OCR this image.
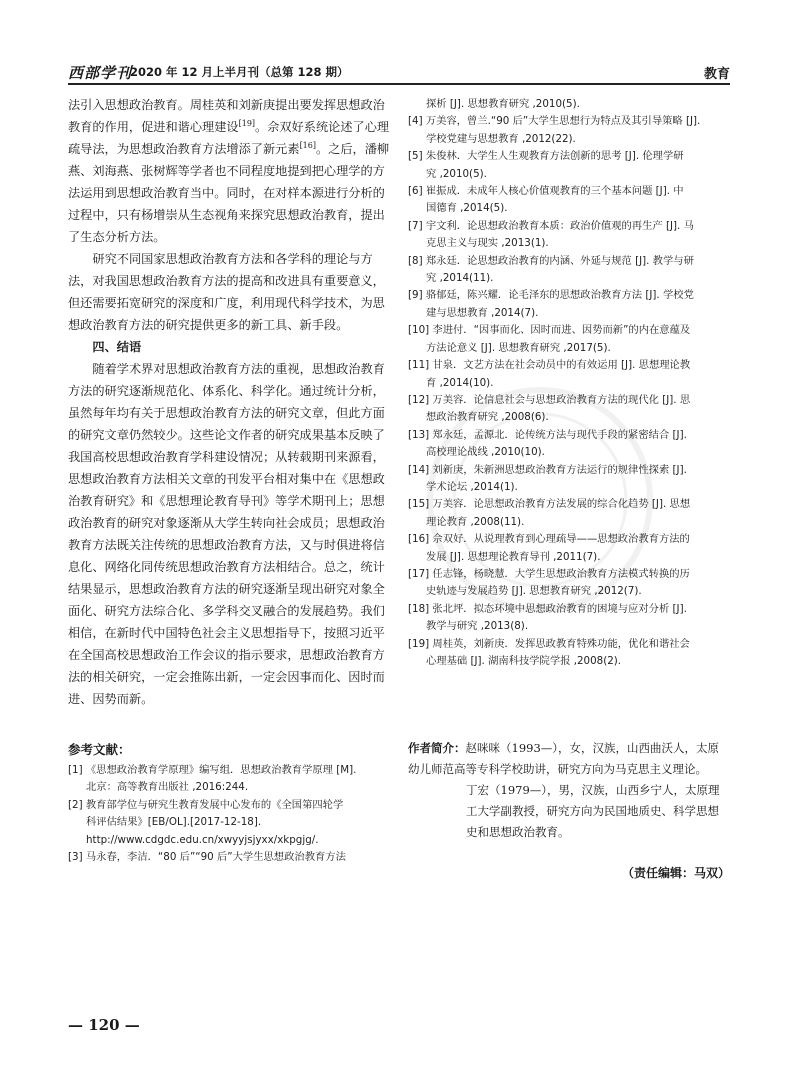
西部学刊
2020 年 12 月上半月刊（总第 128 期）	教育

法引入思想政治教育。周桂英和刘新庚提出要发挥思想政治教育的作用，促进和谐心理建设[19]。佘双好系统论述了心理疏导法，为思想政治教育方法增添了新元素[16]。之后，潘柳燕、刘海燕、张树辉等学者也不同程度地提到把心理学的方法运用到思想政治教育当中。同时，在对样本源进行分析的过程中，只有杨增崇从生态视角来探究思想政治教育，提出了生态分析方法。

研究不同国家思想政治教育方法和各学科的理论与方法，对我国思想政治教育方法的提高和改进具有重要意义，但还需要拓宽研究的深度和广度，利用现代科学技术，为思想政治教育方法的研究提供更多的新工具、新手段。

四、结语

随着学术界对思想政治教育方法的重视，思想政治教育方法的研究逐渐规范化、体系化、科学化。通过统计分析，虽然每年均有关于思想政治教育方法的研究文章，但此方面的研究文章仍然较少。这些论文作者的研究成果基本反映了我国高校思想政治教育学科建设情况；从转载期刊来源看，思想政治教育方法相关文章的刊发平台相对集中在《思想政治教育研究》和《思想理论教育导刊》等学术期刊上；思想政治教育的研究对象逐渐从大学生转向社会成员；思想政治教育方法既关注传统的思想政治教育方法，又与时俱进将信息化、网络化同传统思想政治教育方法相结合。总之，统计结果显示，思想政治教育方法的研究逐渐呈现出研究对象全面化、研究方法综合化、多学科交叉融合的发展趋势。我们相信，在新时代中国特色社会主义思想指导下，按照习近平在全国高校思想政治工作会议的指示要求，思想政治教育方法的相关研究，一定会推陈出新，一定会因事而化、因时而进、因势而新。

参考文献：
[1] 《思想政治教育学原理》编写组．思想政治教育学原理 [M].
北京：高等教育出版社 ,2016:244.
[2] 教育部学位与研究生教育发展中心发布的《全国第四轮学
科评估结果》[EB/OL].[2017-12-18].
http://www.cdgdc.edu.cn/xwyyjsjyxx/xkpgjg/.
[3] 马永春，李洁．“80 后”“90 后”大学生思想政治教育方法
探析 [J]. 思想教育研究 ,2010(5).
[4] 万美容，曾兰.“90 后”大学生思想行为特点及其引导策略 [J].
学校党建与思想教育 ,2012(22).
[5] 朱俊林．大学生人生观教育方法创新的思考 [J]. 伦理学研
究 ,2010(5).
[6] 崔振成．未成年人核心价值观教育的三个基本问题 [J]. 中
国德育 ,2014(5).
[7] 宇文利．论思想政治教育本质：政治价值观的再生产 [J]. 马
克思主义与现实 ,2013(1).
[8] 郑永廷．论思想政治教育的内涵、外延与规范 [J]. 教学与研
究 ,2014(11).
[9] 骆郁廷，陈兴耀．论毛泽东的思想政治教育方法 [J]. 学校党
建与思想教育 ,2014(7).
[10] 李进付．“因事而化、因时而进、因势而新”的内在意蕴及
方法论意义 [J]. 思想教育研究 ,2017(5).
[11] 甘泉．文艺方法在社会动员中的有效运用 [J]. 思想理论教
育 ,2014(10).
[12] 万美容．论信息社会与思想政治教育方法的现代化 [J]. 思
想政治教育研究 ,2008(6).
[13] 郑永廷，孟源北．论传统方法与现代手段的紧密结合 [J].
高校理论战线 ,2010(10).
[14] 刘新庚，朱新洲思想政治教育方法运行的规律性探索 [J].
学术论坛 ,2014(1).
[15] 万美容．论思想政治教育方法发展的综合化趋势 [J]. 思想
理论教育 ,2008(11).
[16] 佘双好．从说理教育到心理疏导——思想政治教育方法的
发展 [J]. 思想理论教育导刊 ,2011(7).
[17] 任志锋，杨晓慧．大学生思想政治教育方法模式转换的历
史轨迹与发展趋势 [J]. 思想教育研究 ,2012(7).
[18] 张北坪．拟态环境中思想政治教育的困境与应对分析 [J].
教学与研究 ,2013(8).
[19] 周桂英，刘新庚．发挥思政教育特殊功能，优化和谐社会
心理基础 [J]. 湖南科技学院学报 ,2008(2).
作者简介：赵咪咪（1993—），女，汉族，山西曲沃人，太原幼儿师范高等专科学校助讲，研究方向为马克思主义理论。
丁宏（1979—），男，汉族，山西乡宁人，太原理工大学副教授，研究方向为民国地质史、科学思想史和思想政治教育。
（责任编辑：马双）
— 120 —
